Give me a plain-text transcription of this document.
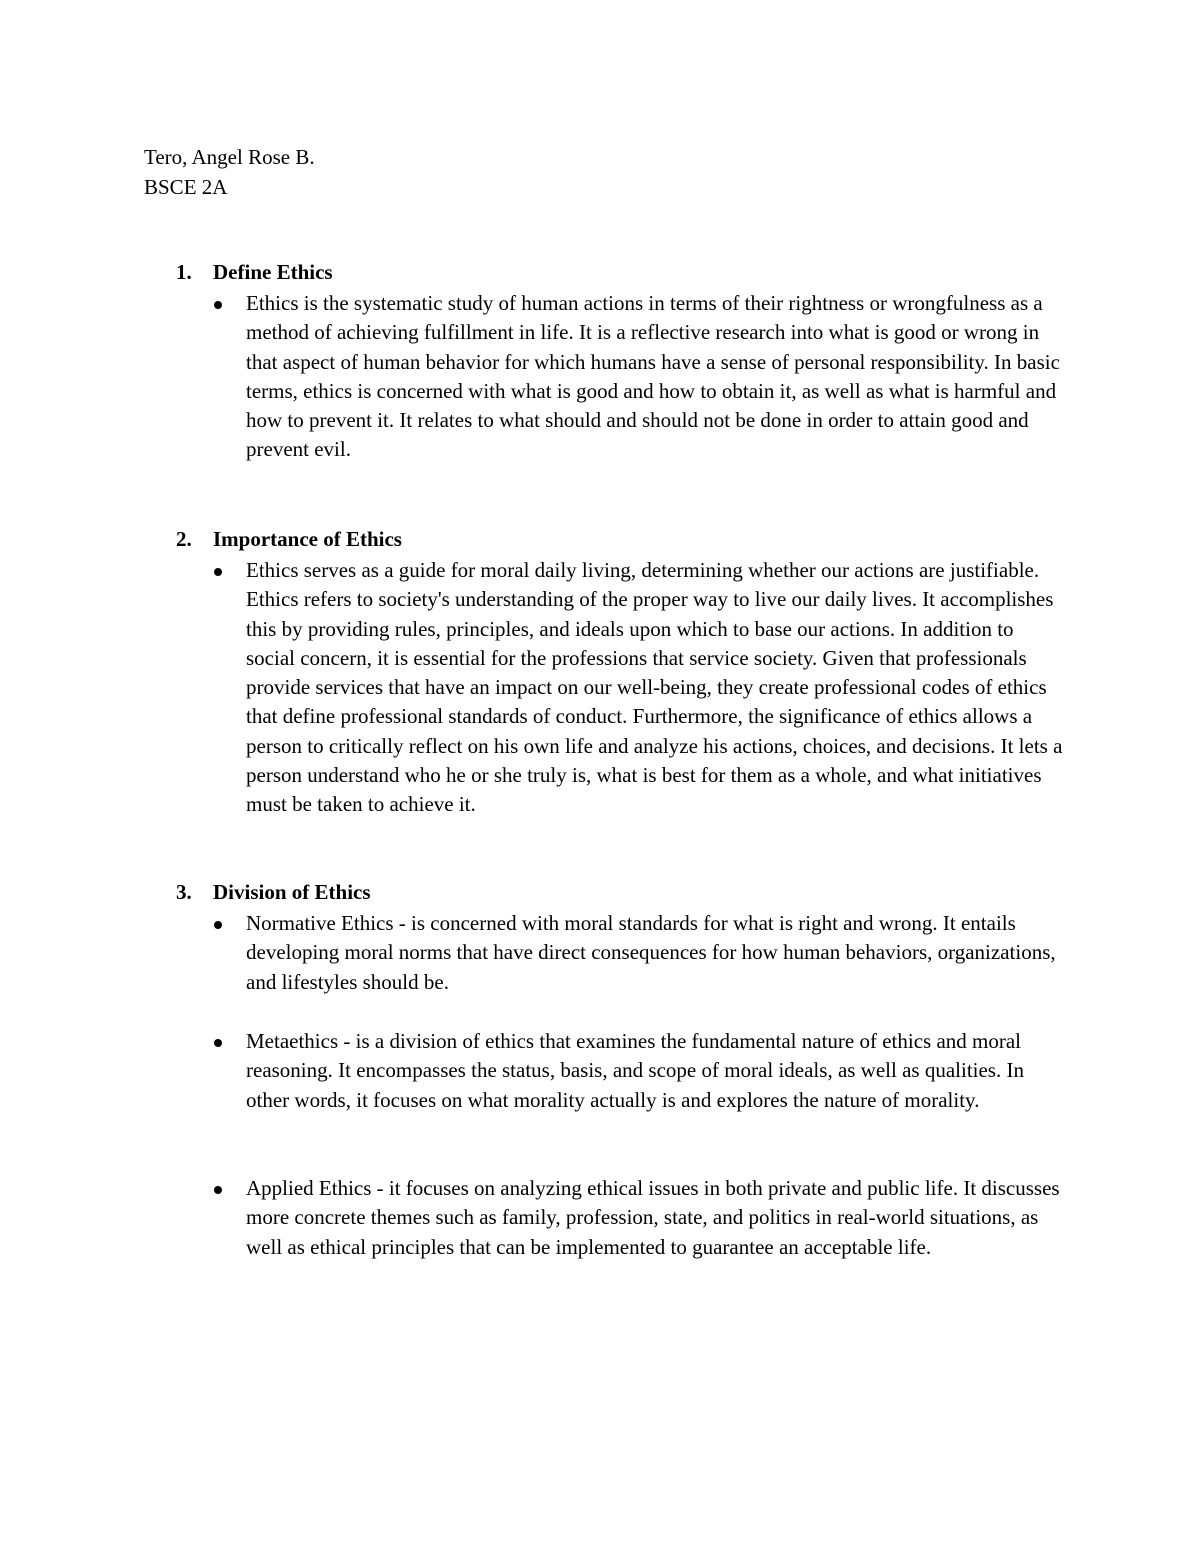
Tero, Angel Rose B.
BSCE 2A
1. Define Ethics
Ethics is the systematic study of human actions in terms of their rightness or wrongfulness as a method of achieving fulfillment in life. It is a reflective research into what is good or wrong in that aspect of human behavior for which humans have a sense of personal responsibility. In basic terms, ethics is concerned with what is good and how to obtain it, as well as what is harmful and how to prevent it. It relates to what should and should not be done in order to attain good and prevent evil.
2. Importance of Ethics
Ethics serves as a guide for moral daily living, determining whether our actions are justifiable. Ethics refers to society's understanding of the proper way to live our daily lives. It accomplishes this by providing rules, principles, and ideals upon which to base our actions. In addition to social concern, it is essential for the professions that service society. Given that professionals provide services that have an impact on our well-being, they create professional codes of ethics that define professional standards of conduct. Furthermore, the significance of ethics allows a person to critically reflect on his own life and analyze his actions, choices, and decisions. It lets a person understand who he or she truly is, what is best for them as a whole, and what initiatives must be taken to achieve it.
3. Division of Ethics
Normative Ethics - is concerned with moral standards for what is right and wrong. It entails developing moral norms that have direct consequences for how human behaviors, organizations, and lifestyles should be.
Metaethics - is a division of ethics that examines the fundamental nature of ethics and moral reasoning. It encompasses the status, basis, and scope of moral ideals, as well as qualities. In other words, it focuses on what morality actually is and explores the nature of morality.
Applied Ethics - it focuses on analyzing ethical issues in both private and public life. It discusses more concrete themes such as family, profession, state, and politics in real-world situations, as well as ethical principles that can be implemented to guarantee an acceptable life.
